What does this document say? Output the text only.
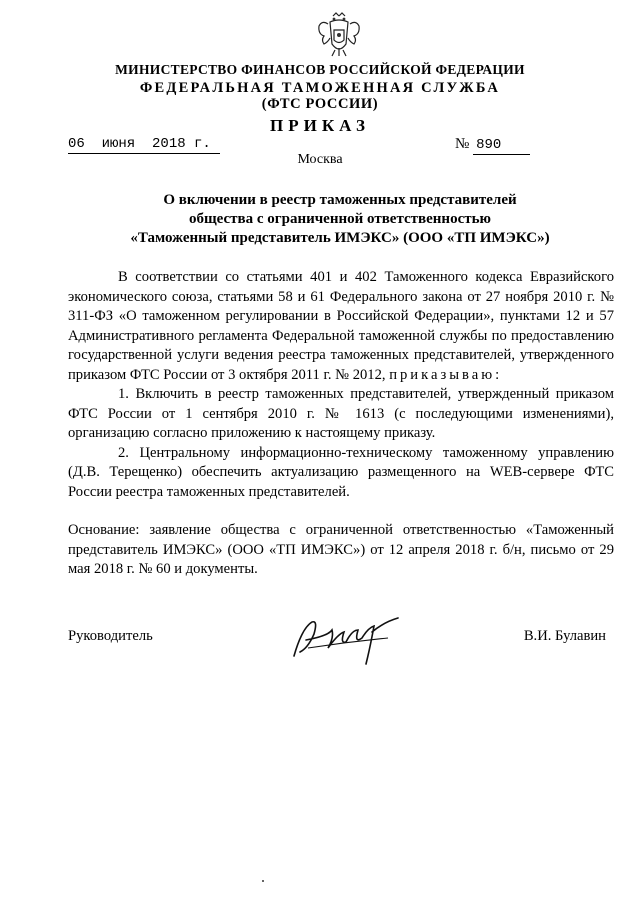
МИНИСТЕРСТВО ФИНАНСОВ РОССИЙСКОЙ ФЕДЕРАЦИИ
ФЕДЕРАЛЬНАЯ ТАМОЖЕННАЯ СЛУЖБА
(ФТС РОССИИ)
ПРИКАЗ
06  июня  2018 г.	№ 890
Москва
О включении в реестр таможенных представителей
общества с ограниченной ответственностью
«Таможенный представитель ИМЭКС» (ООО «ТП ИМЭКС»)

В соответствии со статьями 401 и 402 Таможенного кодекса Евразийского экономического союза, статьями 58 и 61 Федерального закона от 27 ноября 2010 г. № 311-ФЗ «О таможенном регулировании в Российской Федерации», пунктами 12 и 57 Административного регламента Федеральной таможенной службы по предоставлению государственной услуги ведения реестра таможенных представителей, утвержденного приказом ФТС России от 3 октября 2011 г. № 2012, приказываю:

1. Включить в реестр таможенных представителей, утвержденный приказом ФТС России от 1 сентября 2010 г. № 1613 (с последующими изменениями), организацию согласно приложению к настоящему приказу.

2. Центральному информационно-техническому таможенному управлению (Д.В. Терещенко) обеспечить актуализацию размещенного на WEB-сервере ФТС России реестра таможенных представителей.

Основание: заявление общества с ограниченной ответственностью «Таможенный представитель ИМЭКС» (ООО «ТП ИМЭКС») от 12 апреля 2018 г. б/н, письмо от 29 мая 2018 г. № 60 и документы.
Руководитель	В.И. Булавин
